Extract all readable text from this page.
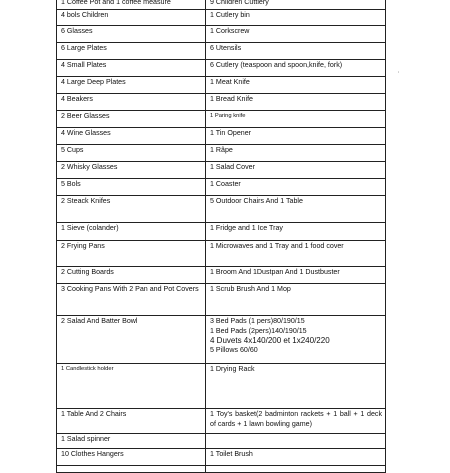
1 Coffee Pot and 1 coffee measure	9 Children Cuttlery

4 bols Children	1 Cutlery bin

6 Glasses	1 Corkscrew

6 Large Plates	6 Utensils

4 Small Plates	6 Cutlery (teaspoon and spoon,knife, fork)

4 Large Deep Plates	1 Meat Knife

4 Beakers	1 Bread Knife

2 Beer Glasses	1 Paring knife

4 Wine Glasses	1 Tin Opener

5 Cups	1 Râpe

2 Whisky Glasses	1 Salad Cover

5 Bols	1 Coaster

2 Steack Knifes	5 Outdoor Chairs And 1 Table

1 Sieve (colander)	1 Fridge and 1 Ice Tray

2 Frying Pans	1 Microwaves and 1 Tray and 1 food cover

2 Cutting Boards	1 Broom And 1Dustpan And 1 Dustbuster

3 Cooking Pans With 2 Pan and Pot Covers	1 Scrub Brush And 1 Mop

2 Salad And Batter Bowl	3 Bed Pads (1 pers)80/190/15
1 Bed Pads (2pers)140/190/15
4 Duvets 4x140/200 et 1x240/220
5 Pillows 60/60

1 Candlestick holder	1 Drying Rack

1 Table And 2 Chairs	1 Toy's basket(2 badminton rackets + 1 ball + 1 deck of cards + 1 lawn bowling game)

1 Salad spinner	

10 Clothes Hangers	1 Toilet Brush

ʼ
